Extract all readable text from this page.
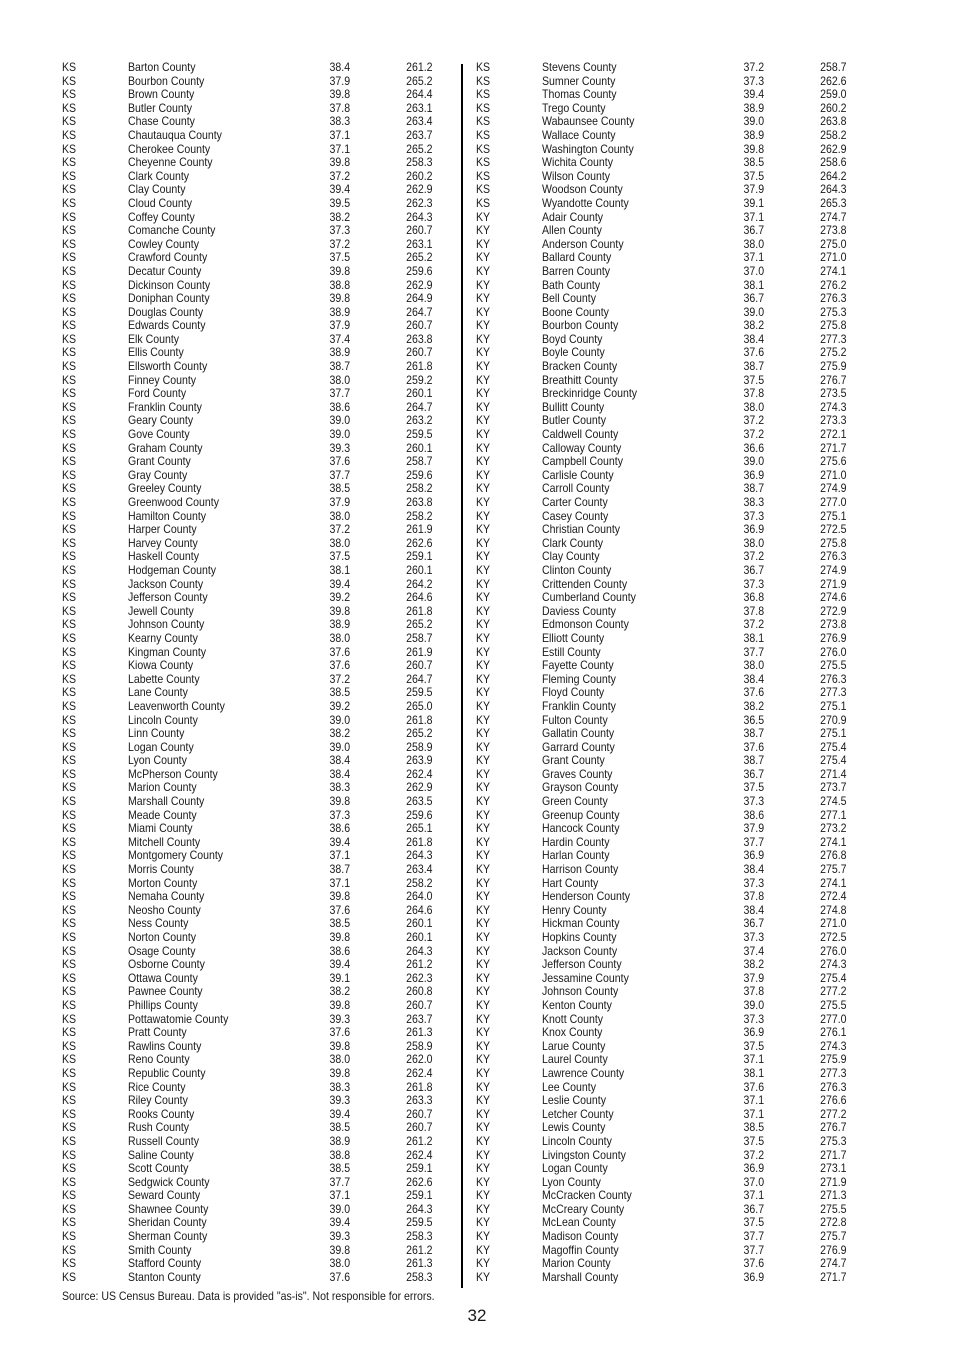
KS	Barton County	38.4	261.2
KS	Bourbon County	37.9	265.2
KS	Brown County	39.8	264.4
KS	Butler County	37.8	263.1
KS	Chase County	38.3	263.4
KS	Chautauqua County	37.1	263.7
KS	Cherokee County	37.1	265.2
KS	Cheyenne County	39.8	258.3
KS	Clark County	37.2	260.2
KS	Clay County	39.4	262.9
KS	Cloud County	39.5	262.3
KS	Coffey County	38.2	264.3
KS	Comanche County	37.3	260.7
KS	Cowley County	37.2	263.1
KS	Crawford County	37.5	265.2
KS	Decatur County	39.8	259.6
KS	Dickinson County	38.8	262.9
KS	Doniphan County	39.8	264.9
KS	Douglas County	38.9	264.7
KS	Edwards County	37.9	260.7
KS	Elk County	37.4	263.8
KS	Ellis County	38.9	260.7
KS	Ellsworth County	38.7	261.8
KS	Finney County	38.0	259.2
KS	Ford County	37.7	260.1
KS	Franklin County	38.6	264.7
KS	Geary County	39.0	263.2
KS	Gove County	39.0	259.5
KS	Graham County	39.3	260.1
KS	Grant County	37.6	258.7
KS	Gray County	37.7	259.6
KS	Greeley County	38.5	258.2
KS	Greenwood County	37.9	263.8
KS	Hamilton County	38.0	258.2
KS	Harper County	37.2	261.9
KS	Harvey County	38.0	262.6
KS	Haskell County	37.5	259.1
KS	Hodgeman County	38.1	260.1
KS	Jackson County	39.4	264.2
KS	Jefferson County	39.2	264.6
KS	Jewell County	39.8	261.8
KS	Johnson County	38.9	265.2
KS	Kearny County	38.0	258.7
KS	Kingman County	37.6	261.9
KS	Kiowa County	37.6	260.7
KS	Labette County	37.2	264.7
KS	Lane County	38.5	259.5
KS	Leavenworth County	39.2	265.0
KS	Lincoln County	39.0	261.8
KS	Linn County	38.2	265.2
KS	Logan County	39.0	258.9
KS	Lyon County	38.4	263.9
KS	McPherson County	38.4	262.4
KS	Marion County	38.3	262.9
KS	Marshall County	39.8	263.5
KS	Meade County	37.3	259.6
KS	Miami County	38.6	265.1
KS	Mitchell County	39.4	261.8
KS	Montgomery County	37.1	264.3
KS	Morris County	38.7	263.4
KS	Morton County	37.1	258.2
KS	Nemaha County	39.8	264.0
KS	Neosho County	37.6	264.6
KS	Ness County	38.5	260.1
KS	Norton County	39.8	260.1
KS	Osage County	38.6	264.3
KS	Osborne County	39.4	261.2
KS	Ottawa County	39.1	262.3
KS	Pawnee County	38.2	260.8
KS	Phillips County	39.8	260.7
KS	Pottawatomie County	39.3	263.7
KS	Pratt County	37.6	261.3
KS	Rawlins County	39.8	258.9
KS	Reno County	38.0	262.0
KS	Republic County	39.8	262.4
KS	Rice County	38.3	261.8
KS	Riley County	39.3	263.3
KS	Rooks County	39.4	260.7
KS	Rush County	38.5	260.7
KS	Russell County	38.9	261.2
KS	Saline County	38.8	262.4
KS	Scott County	38.5	259.1
KS	Sedgwick County	37.7	262.6
KS	Seward County	37.1	259.1
KS	Shawnee County	39.0	264.3
KS	Sheridan County	39.4	259.5
KS	Sherman County	39.3	258.3
KS	Smith County	39.8	261.2
KS	Stafford County	38.0	261.3
KS	Stanton County	37.6	258.3
KS	Stevens County	37.2	258.7
KS	Sumner County	37.3	262.6
KS	Thomas County	39.4	259.0
KS	Trego County	38.9	260.2
KS	Wabaunsee County	39.0	263.8
KS	Wallace County	38.9	258.2
KS	Washington County	39.8	262.9
KS	Wichita County	38.5	258.6
KS	Wilson County	37.5	264.2
KS	Woodson County	37.9	264.3
KS	Wyandotte County	39.1	265.3
KY	Adair County	37.1	274.7
KY	Allen County	36.7	273.8
KY	Anderson County	38.0	275.0
KY	Ballard County	37.1	271.0
KY	Barren County	37.0	274.1
KY	Bath County	38.1	276.2
KY	Bell County	36.7	276.3
KY	Boone County	39.0	275.3
KY	Bourbon County	38.2	275.8
KY	Boyd County	38.4	277.3
KY	Boyle County	37.6	275.2
KY	Bracken County	38.7	275.9
KY	Breathitt County	37.5	276.7
KY	Breckinridge County	37.8	273.5
KY	Bullitt County	38.0	274.3
KY	Butler County	37.2	273.3
KY	Caldwell County	37.2	272.1
KY	Calloway County	36.6	271.7
KY	Campbell County	39.0	275.6
KY	Carlisle County	36.9	271.0
KY	Carroll County	38.7	274.9
KY	Carter County	38.3	277.0
KY	Casey County	37.3	275.1
KY	Christian County	36.9	272.5
KY	Clark County	38.0	275.8
KY	Clay County	37.2	276.3
KY	Clinton County	36.7	274.9
KY	Crittenden County	37.3	271.9
KY	Cumberland County	36.8	274.6
KY	Daviess County	37.8	272.9
KY	Edmonson County	37.2	273.8
KY	Elliott County	38.1	276.9
KY	Estill County	37.7	276.0
KY	Fayette County	38.0	275.5
KY	Fleming County	38.4	276.3
KY	Floyd County	37.6	277.3
KY	Franklin County	38.2	275.1
KY	Fulton County	36.5	270.9
KY	Gallatin County	38.7	275.1
KY	Garrard County	37.6	275.4
KY	Grant County	38.7	275.4
KY	Graves County	36.7	271.4
KY	Grayson County	37.5	273.7
KY	Green County	37.3	274.5
KY	Greenup County	38.6	277.1
KY	Hancock County	37.9	273.2
KY	Hardin County	37.7	274.1
KY	Harlan County	36.9	276.8
KY	Harrison County	38.4	275.7
KY	Hart County	37.3	274.1
KY	Henderson County	37.8	272.4
KY	Henry County	38.4	274.8
KY	Hickman County	36.7	271.0
KY	Hopkins County	37.3	272.5
KY	Jackson County	37.4	276.0
KY	Jefferson County	38.2	274.3
KY	Jessamine County	37.9	275.4
KY	Johnson County	37.8	277.2
KY	Kenton County	39.0	275.5
KY	Knott County	37.3	277.0
KY	Knox County	36.9	276.1
KY	Larue County	37.5	274.3
KY	Laurel County	37.1	275.9
KY	Lawrence County	38.1	277.3
KY	Lee County	37.6	276.3
KY	Leslie County	37.1	276.6
KY	Letcher County	37.1	277.2
KY	Lewis County	38.5	276.7
KY	Lincoln County	37.5	275.3
KY	Livingston County	37.2	271.7
KY	Logan County	36.9	273.1
KY	Lyon County	37.0	271.9
KY	McCracken County	37.1	271.3
KY	McCreary County	36.7	275.5
KY	McLean County	37.5	272.8
KY	Madison County	37.7	275.7
KY	Magoffin County	37.7	276.9
KY	Marion County	37.6	274.7
KY	Marshall County	36.9	271.7
Source: US Census Bureau. Data is provided "as-is". Not responsible for errors.
32
